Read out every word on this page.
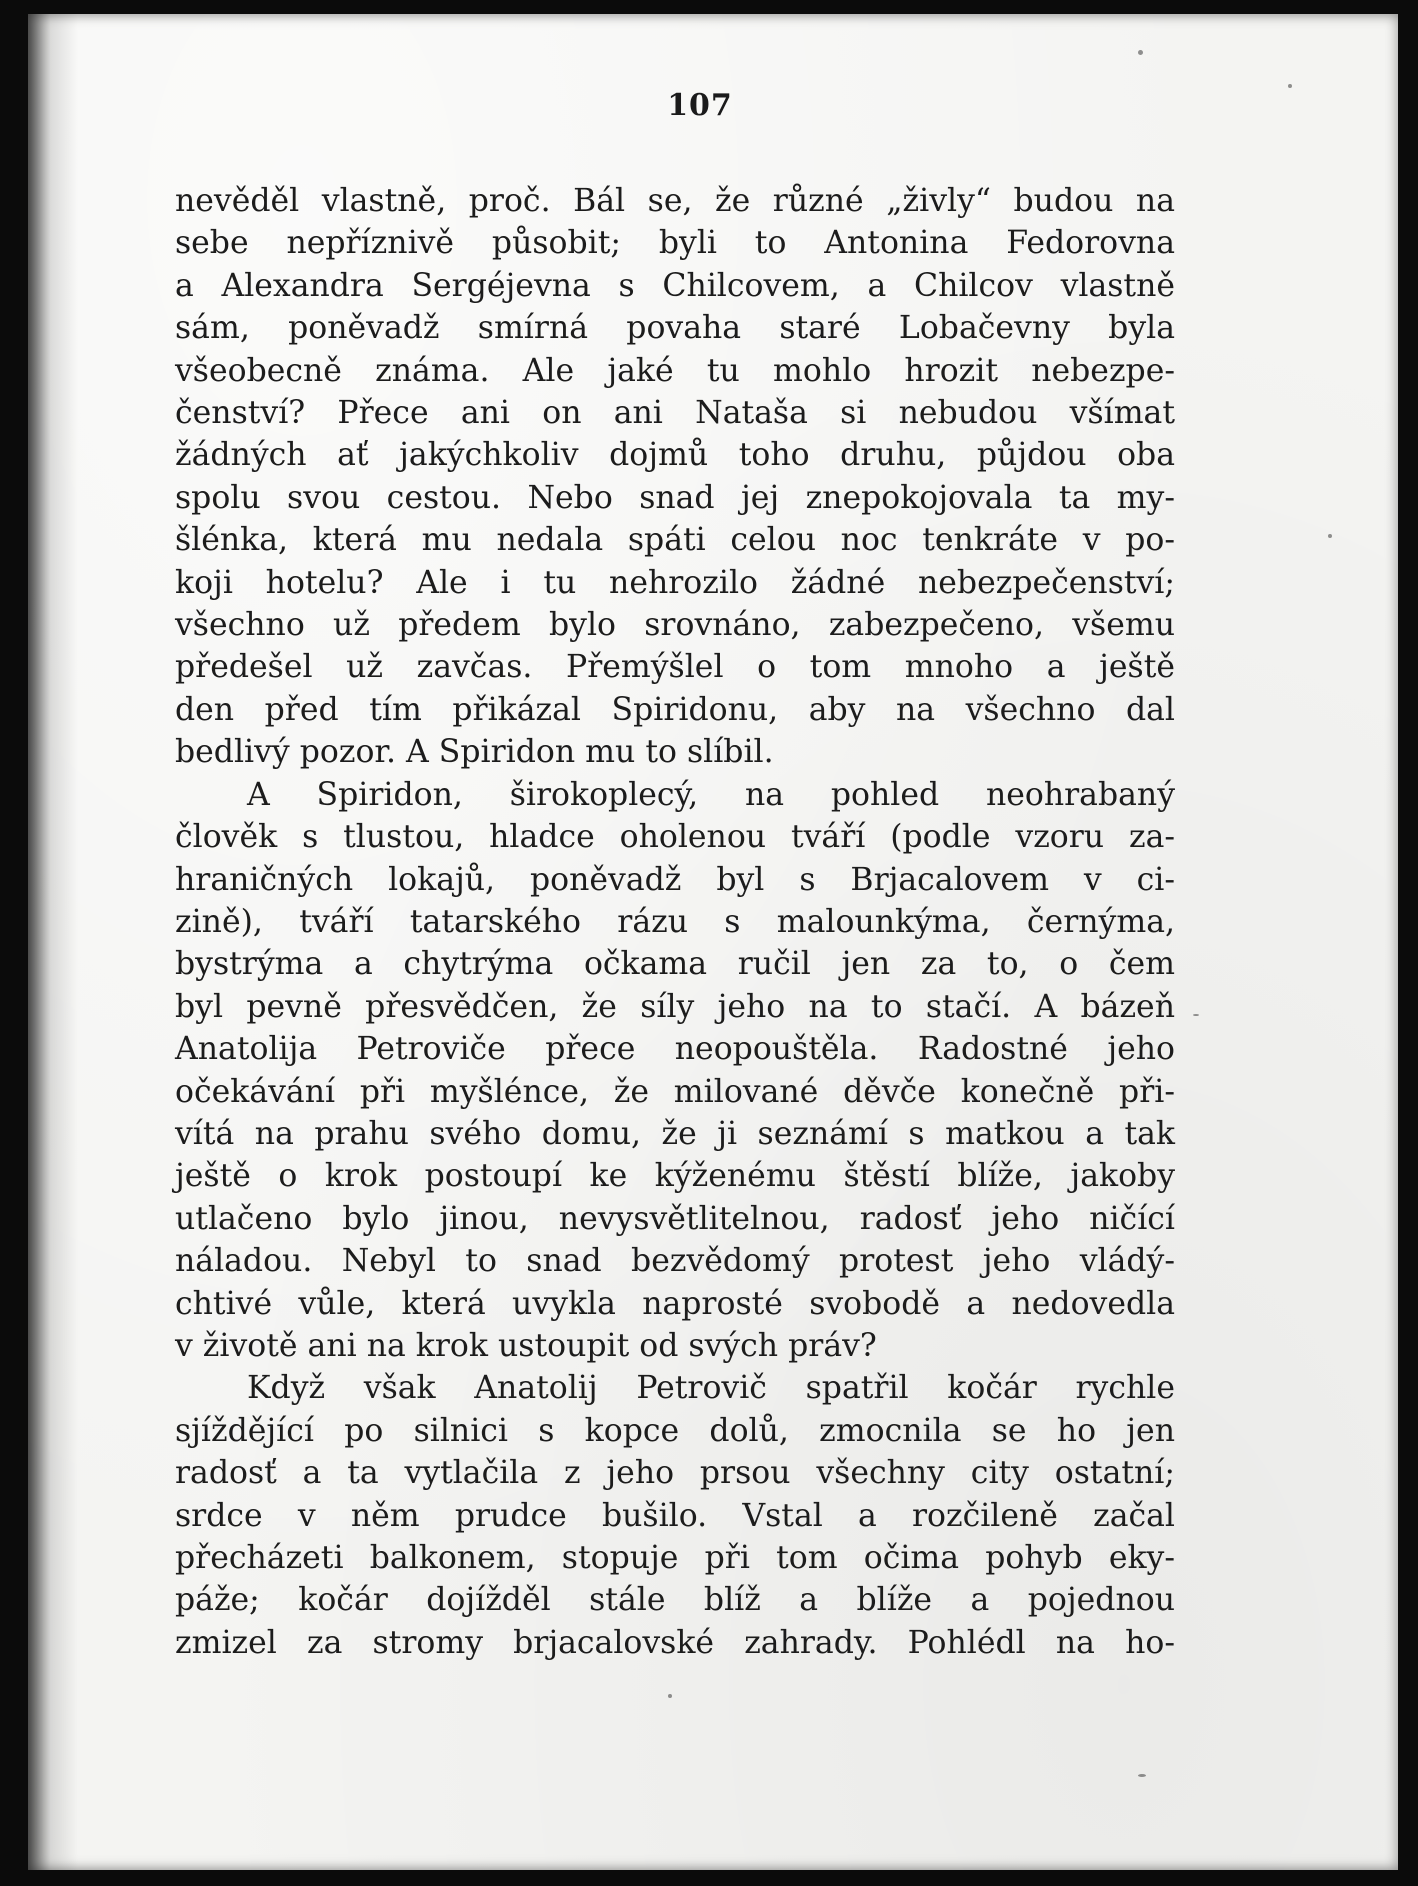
107
nevěděl vlastně, proč. Bál se, že různé „živly“ budou na
sebe nepříznivě působit; byli to Antonina Fedorovna
a Alexandra Sergéjevna s Chilcovem, a Chilcov vlastně
sám, poněvadž smírná povaha staré Lobačevny byla
všeobecně známa. Ale jaké tu mohlo hrozit nebezpe-
čenství? Přece ani on ani Nataša si nebudou všímat
žádných ať jakýchkoliv dojmů toho druhu, půjdou oba
spolu svou cestou. Nebo snad jej znepokojovala ta my-
šlénka, která mu nedala spáti celou noc tenkráte v po-
koji hotelu? Ale i tu nehrozilo žádné nebezpečenství;
všechno už předem bylo srovnáno, zabezpečeno, všemu
předešel už zavčas. Přemýšlel o tom mnoho a ještě
den před tím přikázal Spiridonu, aby na všechno dal
bedlivý pozor. A Spiridon mu to slíbil.
A Spiridon, širokoplecý, na pohled neohrabaný
člověk s tlustou, hladce oholenou tváří (podle vzoru za-
hraničných lokajů, poněvadž byl s Brjacalovem v ci-
zině), tváří tatarského rázu s malounkýma, černýma,
bystrýma a chytrýma očkama ručil jen za to, o čem
byl pevně přesvědčen, že síly jeho na to stačí. A bázeň
Anatolija Petroviče přece neopouštěla. Radostné jeho
očekávání při myšlénce, že milované děvče konečně při-
vítá na prahu svého domu, že ji seznámí s matkou a tak
ještě o krok postoupí ke kýženému štěstí blíže, jakoby
utlačeno bylo jinou, nevysvětlitelnou, radosť jeho ničící
náladou. Nebyl to snad bezvědomý protest jeho vládý-
chtivé vůle, která uvykla naprosté svobodě a nedovedla
v životě ani na krok ustoupit od svých práv?
Když však Anatolij Petrovič spatřil kočár rychle
sjíždějící po silnici s kopce dolů, zmocnila se ho jen
radosť a ta vytlačila z jeho prsou všechny city ostatní;
srdce v něm prudce bušilo. Vstal a rozčileně začal
přecházeti balkonem, stopuje při tom očima pohyb eky-
páže; kočár dojížděl stále blíž a blíže a pojednou
zmizel za stromy brjacalovské zahrady. Pohlédl na ho-
